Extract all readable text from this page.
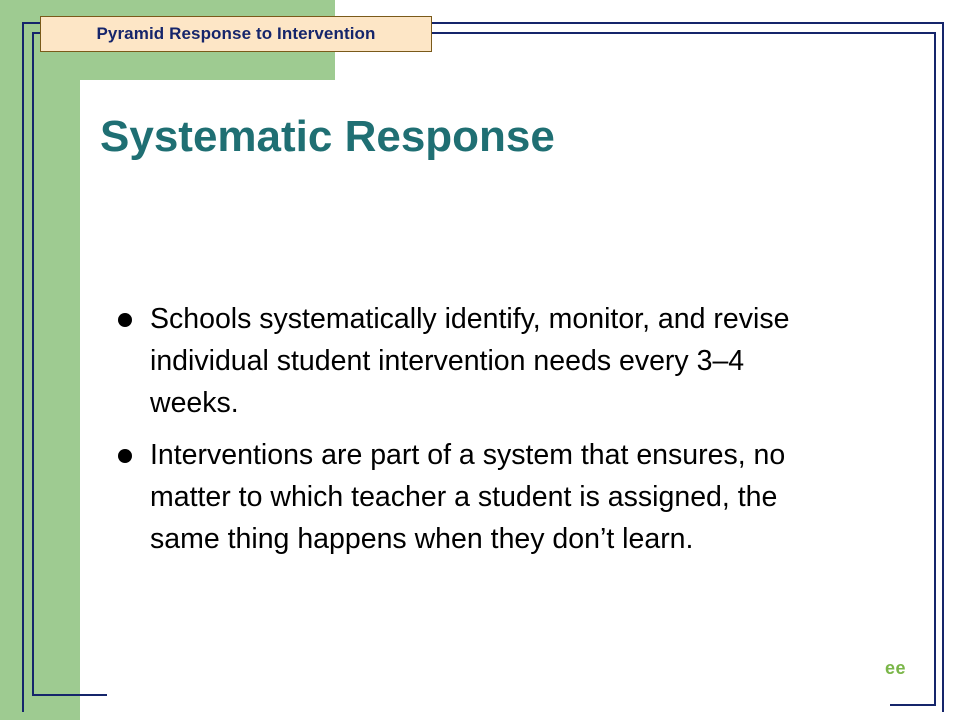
Pyramid Response to Intervention
Systematic Response
Schools systematically identify, monitor, and revise individual student intervention needs every 3–4 weeks.
Interventions are part of a system that ensures, no matter to which teacher a student is assigned, the same thing happens when they don’t learn.
ee
